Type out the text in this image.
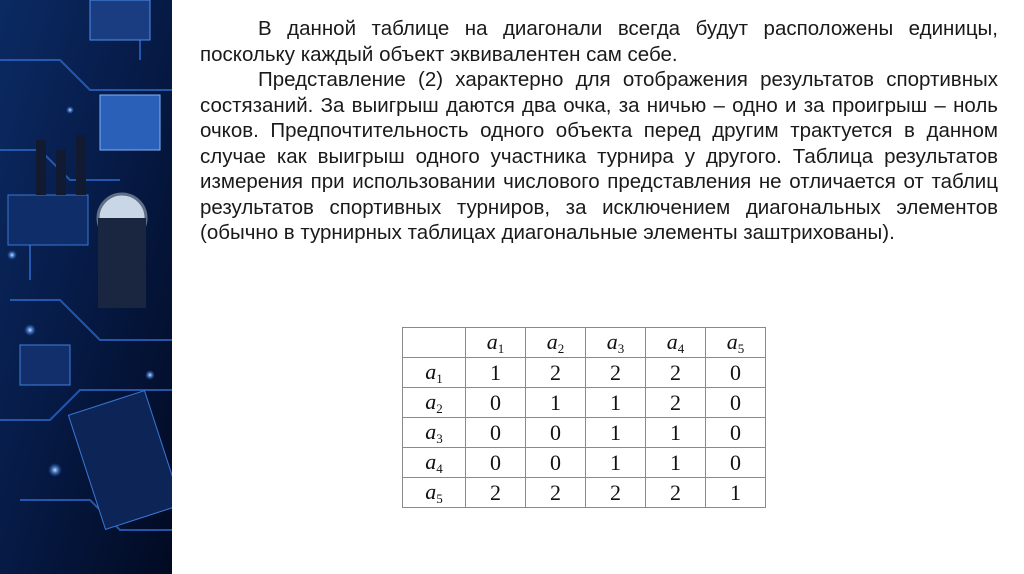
В данной таблице на диагонали всегда будут расположены единицы, поскольку каждый объект эквивалентен сам себе.

Представление (2) характерно для отображения результатов спортивных состязаний. За выигрыш даются два очка, за ничью – одно и за проигрыш – ноль очков. Предпочтительность одного объекта перед другим трактуется в данном случае как выигрыш одного участника турнира у другого. Таблица результатов измерения при использовании числового представления не отличается от таблиц результатов спортивных турниров, за исключением диагональных элементов (обычно в турнирных таблицах диагональные элементы заштрихованы).

	$a_1$	$a_2$	$a_3$	$a_4$	$a_5$
$a_1$	1	2	2	2	0
$a_2$	0	1	1	2	0
$a_3$	0	0	1	1	0
$a_4$	0	0	1	1	0
$a_5$	2	2	2	2	1
